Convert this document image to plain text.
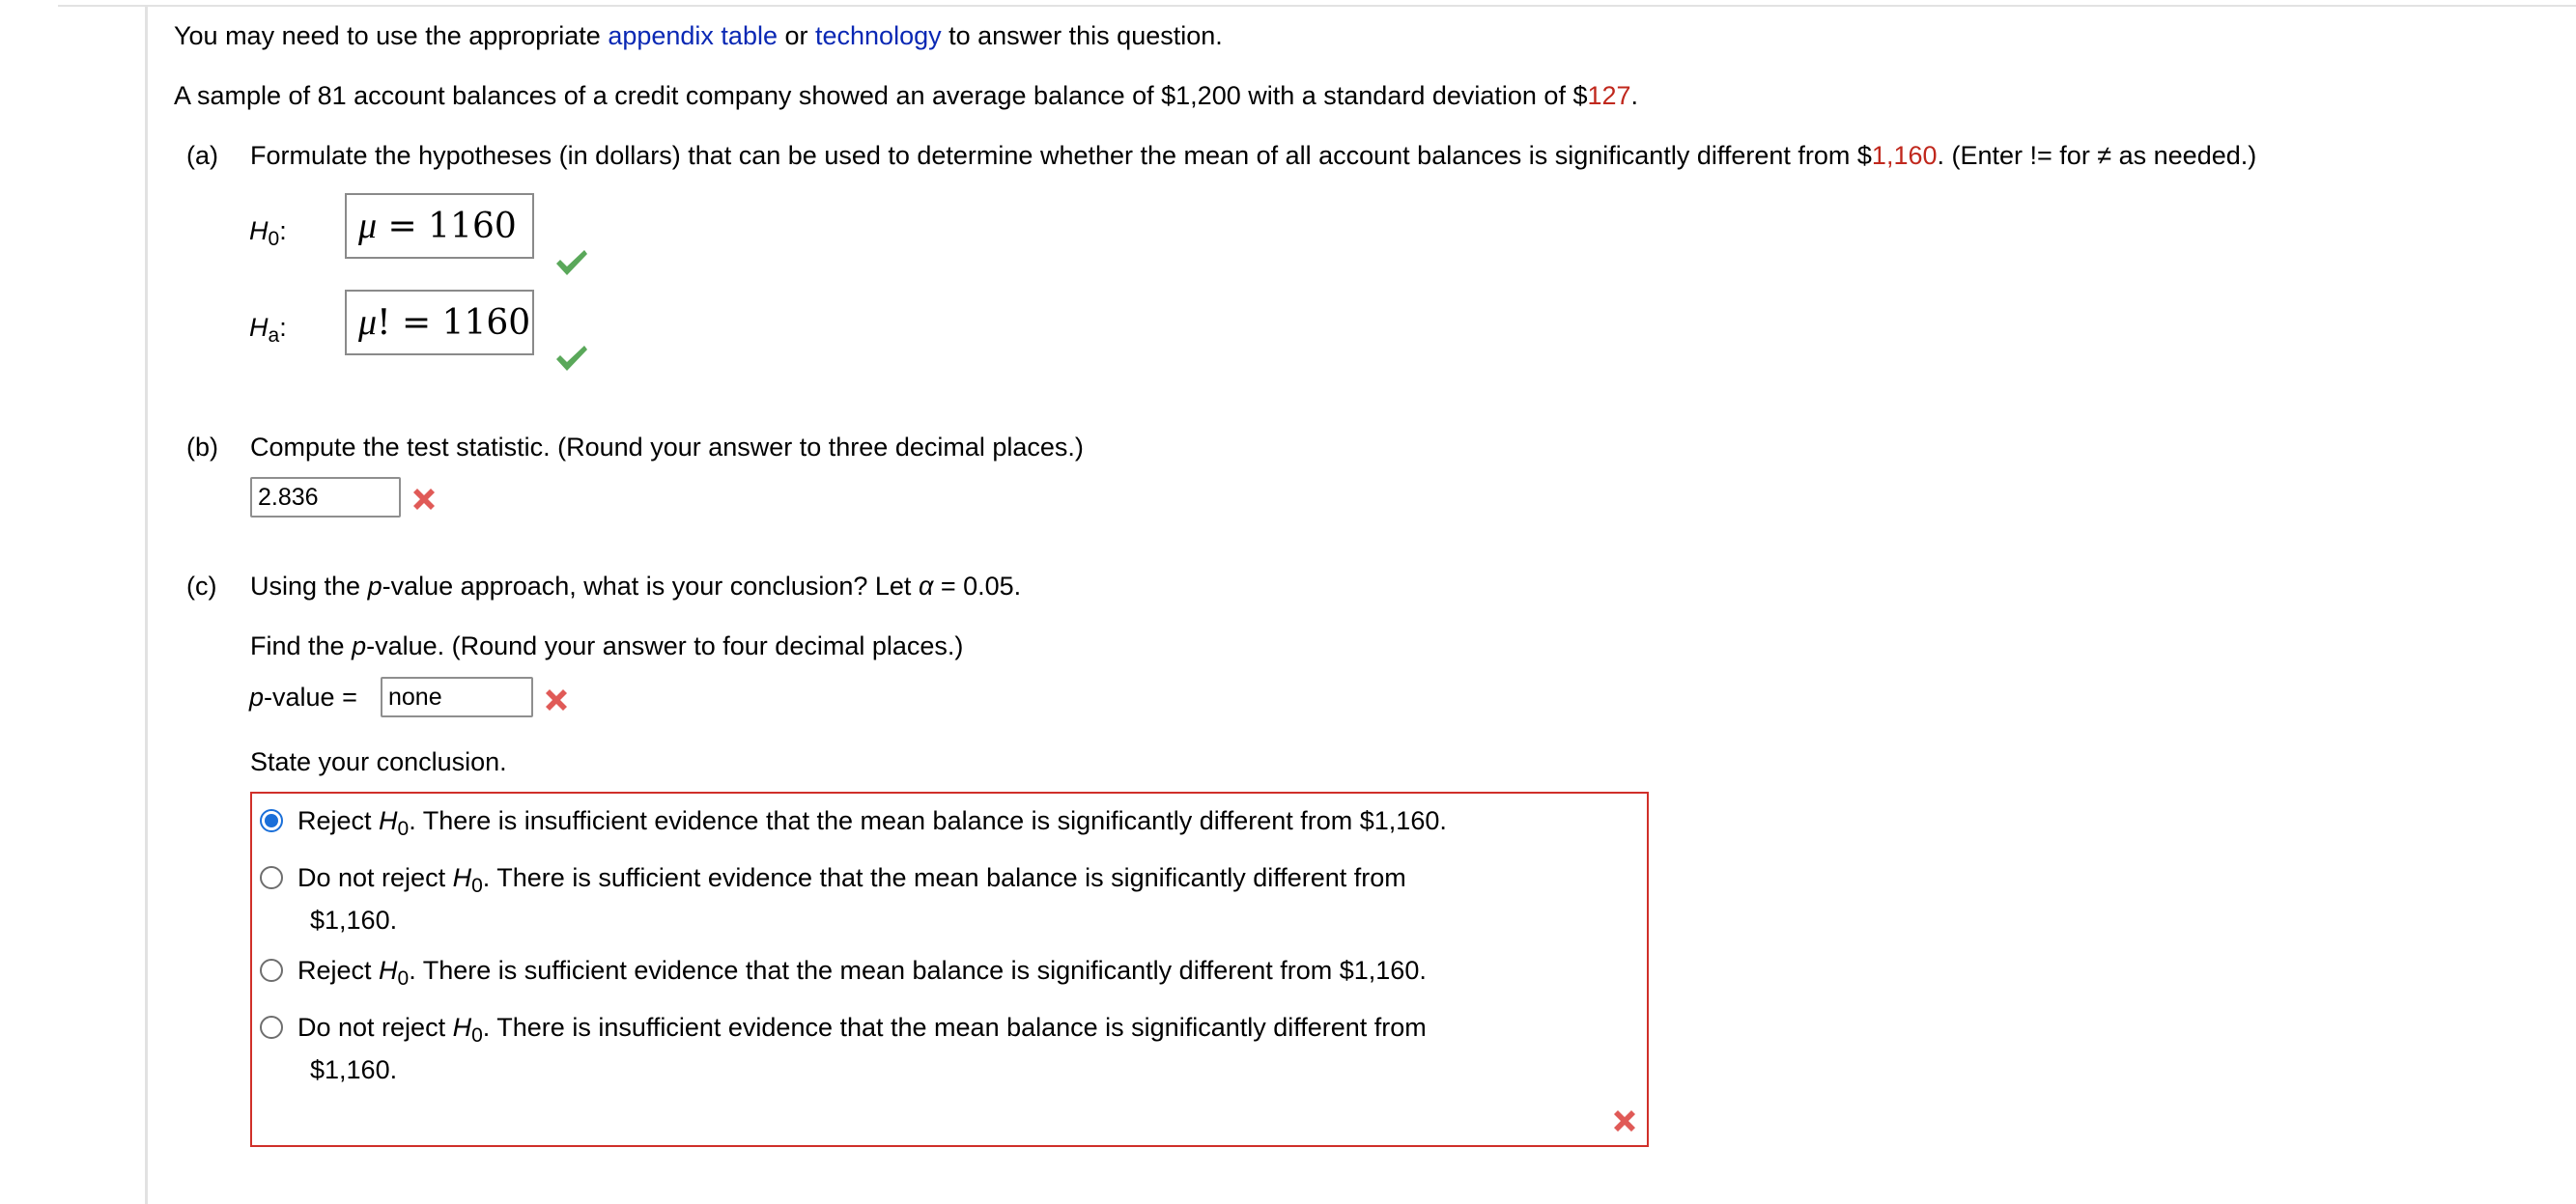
You may need to use the appropriate appendix table or technology to answer this question.
A sample of 81 account balances of a credit company showed an average balance of $1,200 with a standard deviation of $127.
(a) Formulate the hypotheses (in dollars) that can be used to determine whether the mean of all account balances is significantly different from $1,160. (Enter != for ≠ as needed.)
$H_0$:	μ = 1160
$H_a$:	μ! = 1160
(b) Compute the test statistic. (Round your answer to three decimal places.)
2.836
(c) Using the p-value approach, what is your conclusion? Let α = 0.05.
Find the p-value. (Round your answer to four decimal places.)
p-value =
none
State your conclusion.
Reject $H_0$. There is insufficient evidence that the mean balance is significantly different from $1,160.
Do not reject $H_0$. There is sufficient evidence that the mean balance is significantly different from
$1,160.
Reject $H_0$. There is sufficient evidence that the mean balance is significantly different from $1,160.
Do not reject $H_0$. There is insufficient evidence that the mean balance is significantly different from
$1,160.
